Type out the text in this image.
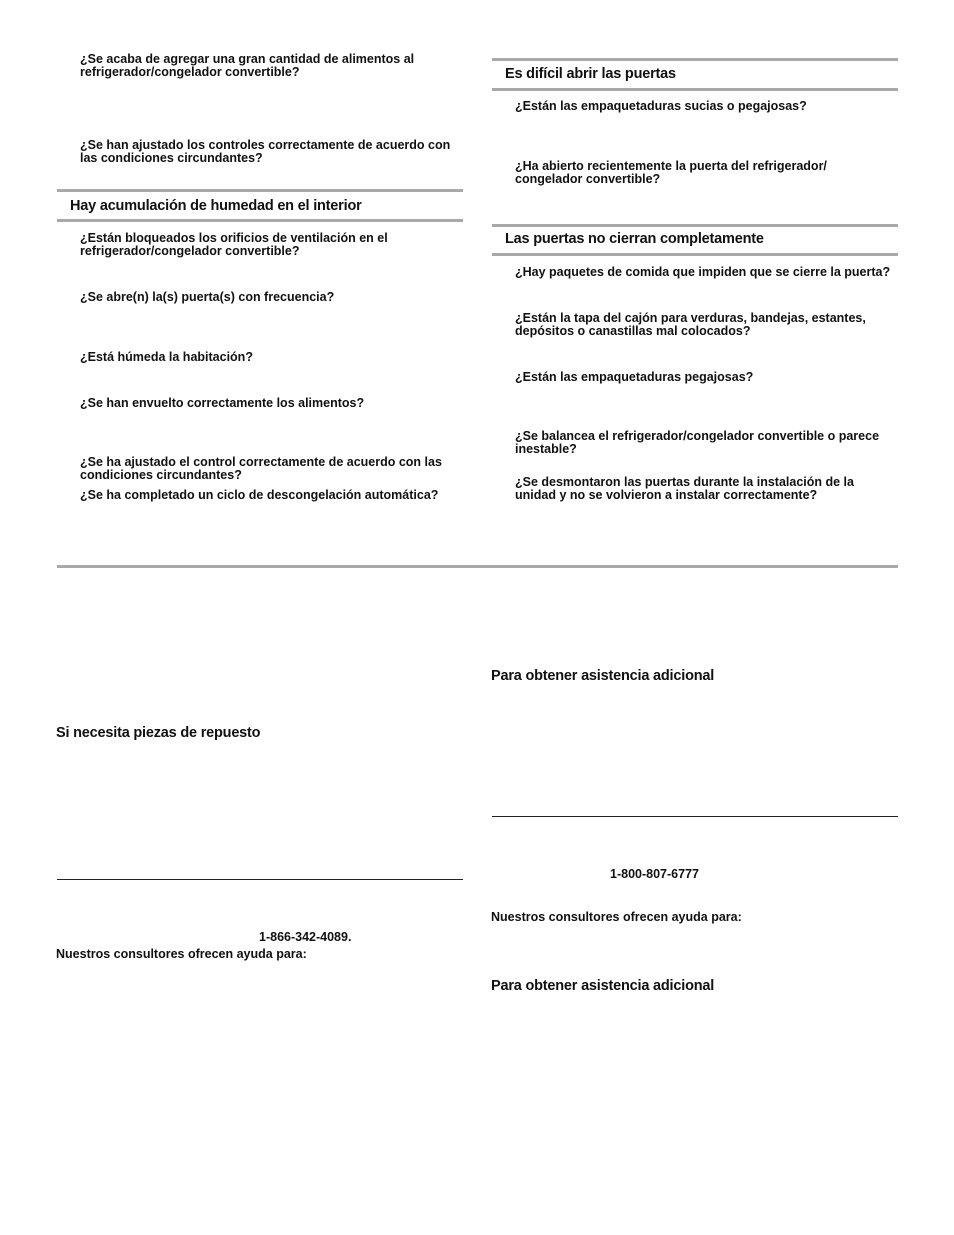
¿Se acaba de agregar una gran cantidad de alimentos al refrigerador/congelador convertible?
¿Se han ajustado los controles correctamente de acuerdo con las condiciones circundantes?
Hay acumulación de humedad en el interior
¿Están bloqueados los orificios de ventilación en el refrigerador/congelador convertible?
¿Se abre(n) la(s) puerta(s) con frecuencia?
¿Está húmeda la habitación?
¿Se han envuelto correctamente los alimentos?
¿Se ha ajustado el control correctamente de acuerdo con las condiciones circundantes?
¿Se ha completado un ciclo de descongelación automática?
Es difícil abrir las puertas
¿Están las empaquetaduras sucias o pegajosas?
¿Ha abierto recientemente la puerta del refrigerador/ congelador convertible?
Las puertas no cierran completamente
¿Hay paquetes de comida que impiden que se cierre la puerta?
¿Están la tapa del cajón para verduras, bandejas, estantes, depósitos o canastillas mal colocados?
¿Están las empaquetaduras pegajosas?
¿Se balancea el refrigerador/congelador convertible o parece inestable?
¿Se desmontaron las puertas durante la instalación de la unidad y no se volvieron a instalar correctamente?
Si necesita piezas de repuesto
1-866-342-4089.
Nuestros consultores ofrecen ayuda para:
Para obtener asistencia adicional
1-800-807-6777
Nuestros consultores ofrecen ayuda para:
Para obtener asistencia adicional
